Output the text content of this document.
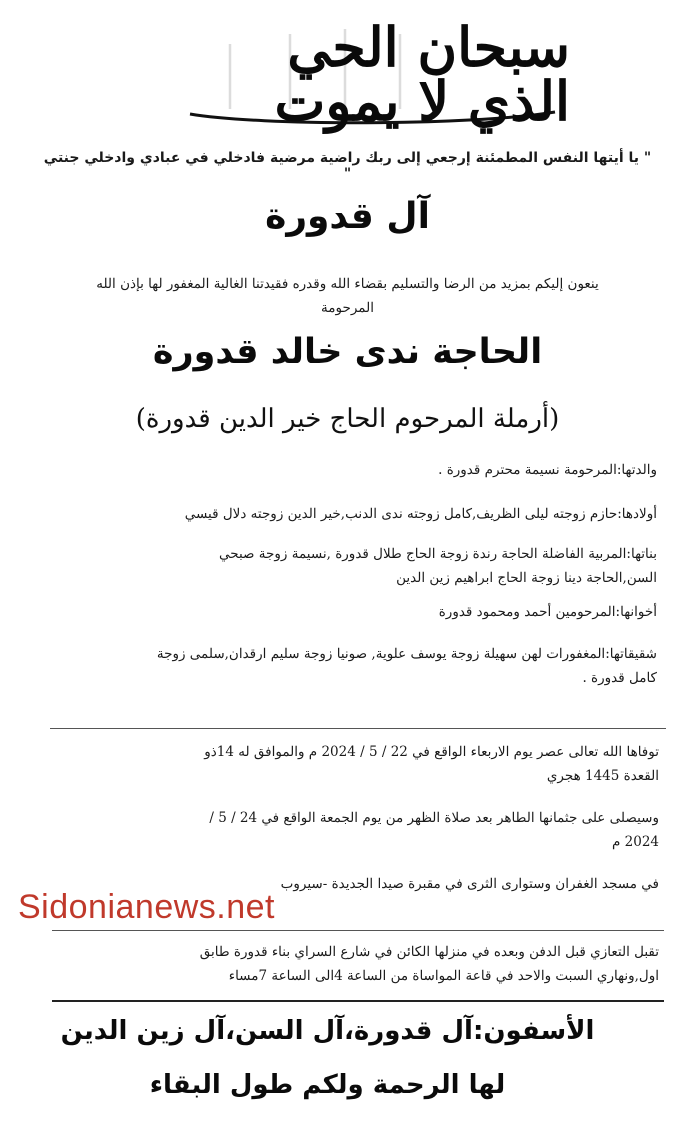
سبحان الحي الذي لا يموت
" يا أيتها النفس المطمئنة إرجعي إلى ربك راضية مرضية فادخلي في عبادي وادخلي جنتي "
آل قدورة
ينعون إليكم بمزيد من الرضا والتسليم بقضاء الله وقدره فقيدتنا الغالية المغفور لها بإذن الله
المرحومة
الحاجة ندى خالد قدورة
(أرملة المرحوم الحاج خير الدين قدورة)
والدتها:المرحومة نسيمة محترم قدورة .
أولادها:حازم زوجته ليلى الظريف,كامل زوجته ندى الدنب,خير الدين زوجته دلال قيسي
بناتها:المربية الفاضلة الحاجة رندة زوجة الحاج طلال قدورة ,نسيمة زوجة صبحي
السن,الحاجة دينا زوجة الحاج ابراهيم زين الدين
أخوانها:المرحومين أحمد ومحمود قدورة
شقيقاتها:المغفورات لهن سهيلة زوجة يوسف علوية, صونيا زوجة سليم ارقدان,سلمى زوجة
كامل قدورة .
توفاها الله تعالى عصر يوم الاربعاء الواقع في 22 / 5 / 2024 م والموافق له 14ذو
القعدة 1445 هجري
وسيصلى على جثمانها الطاهر بعد صلاة الظهر من يوم الجمعة الواقع في 24 / 5 /
2024 م
في مسجد الغفران وستوارى الثرى في مقبرة صيدا الجديدة -سيروب
Sidonianews.net
تقبل التعازي قبل الدفن وبعده في منزلها الكائن في شارع السراي بناء قدورة طابق
اول,ونهاري السبت والاحد في قاعة المواساة من الساعة 4الى الساعة 7مساء
الأسفون:آل قدورة،آل السن،آل زين الدين
لها الرحمة ولكم طول البقاء
